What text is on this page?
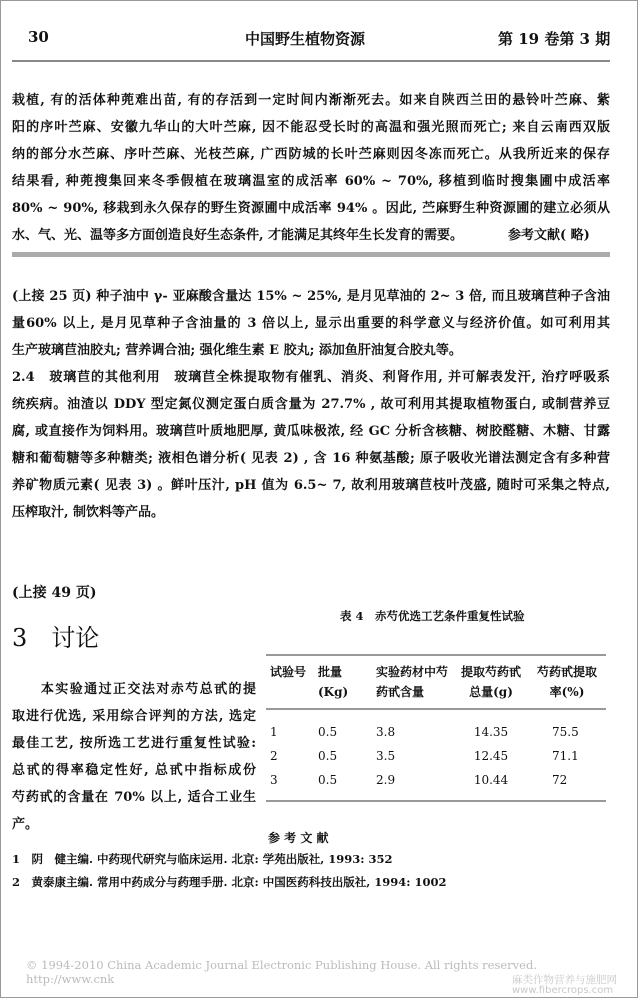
30	中国野生植物资源	第 19 卷第 3 期
栽植, 有的活体种蔸难出苗, 有的存活到一定时间内渐渐死去。如来自陕西兰田的悬铃叶苎麻、紫
阳的序叶苎麻、安徽九华山的大叶苎麻, 因不能忍受长时的高温和强光照而死亡; 来自云南西双版
纳的部分水苎麻、序叶苎麻、光枝苎麻, 广西防城的长叶苎麻则因冬冻而死亡。从我所近来的保存
结果看, 种蔸搜集回来冬季假植在玻璃温室的成活率 60% ~ 70%, 移植到临时搜集圃中成活率
80% ~ 90%, 移栽到永久保存的野生资源圃中成活率 94% 。因此, 苎麻野生种资源圃的建立必须从
水、气、光、温等多方面创造良好生态条件, 才能满足其终年生长发育的需要。	参考文献( 略)
(上接 25 页) 种子油中 γ- 亚麻酸含量达 15% ~ 25%, 是月见草油的 2~ 3 倍, 而且玻璃苣种子含油
量60% 以上, 是月见草种子含油量的 3 倍以上, 显示出重要的科学意义与经济价值。如可利用其
生产玻璃苣油胶丸; 营养调合油; 强化维生素 E 胶丸; 添加鱼肝油复合胶丸等。
2.4　玻璃苣的其他利用　玻璃苣全株提取物有催乳、消炎、利肾作用, 并可解表发汗, 治疗呼吸系
统疾病。油渣以 DDY 型定氮仪测定蛋白质含量为 27.7% , 故可利用其提取植物蛋白, 或制营养豆
腐, 或直接作为饲料用。玻璃苣叶质地肥厚, 黄瓜味极浓, 经 GC 分析含核糖、树胶醛糖、木糖、甘露
糖和葡萄糖等多种糖类; 液相色谱分析( 见表 2) , 含 16 种氨基酸; 原子吸收光谱法测定含有多种营
养矿物质元素( 见表 3) 。鲜叶压汁, pH 值为 6.5~ 7, 故利用玻璃苣枝叶茂盛, 随时可采集之特点,
压榨取汁, 制饮料等产品。
(上接 49 页)
3　讨论
　　本实验通过正交法对赤芍总甙的提
取进行优选, 采用综合评判的方法, 选定
最佳工艺, 按所选工艺进行重复性试验:
总甙的得率稳定性好, 总甙中指标成份
芍药甙的含量在 70% 以上, 适合工业生
产。
表 4　赤芍优选工艺条件重复性试验
试验号	批量(Kg)	实验药材中芍药甙含量	提取芍药甙总量(g)	芍药甙提取率(%)
1	0.5	3.8	14.35	75.5
2	0.5	3.5	12.45	71.1
3	0.5	2.9	10.44	72
参 考 文 献
1　阴　健主编. 中药现代研究与临床运用. 北京: 学苑出版社, 1993: 352
2　黄泰康主编. 常用中药成分与药理手册. 北京: 中国医药科技出版社, 1994: 1002
© 1994-2010 China Academic Journal Electronic Publishing House. All rights reserved. http://www.cnk	麻类作物营养与施肥网
www.fibercrops.com
